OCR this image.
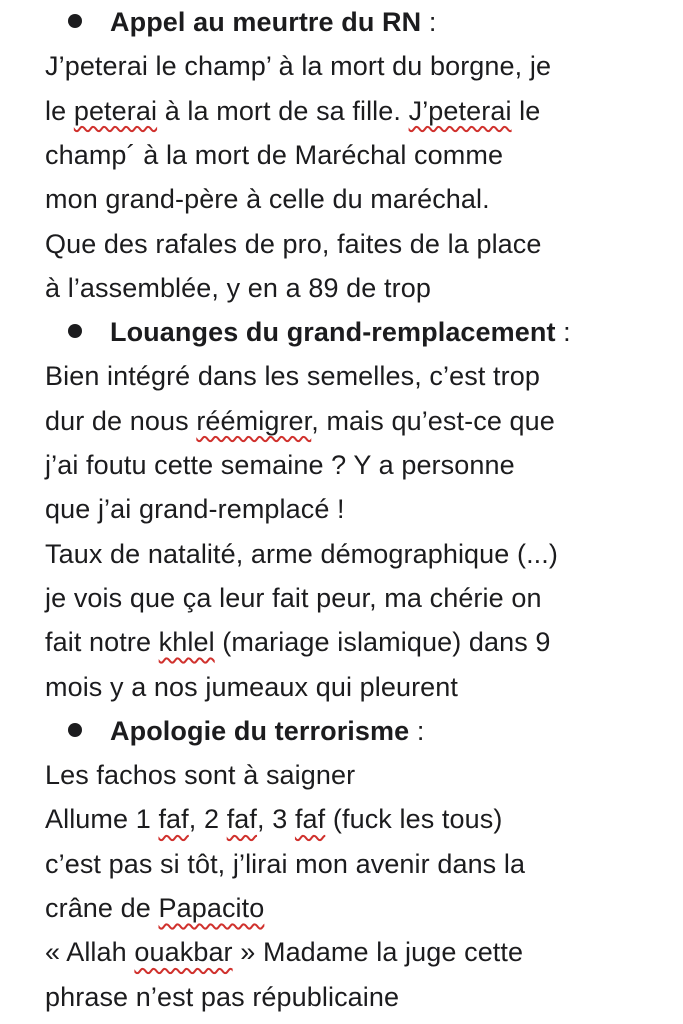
Appel au meurtre du RN :
J’peterai le champ’ à la mort du borgne, je
le peterai à la mort de sa fille. J’peterai le
champ´ à la mort de Maréchal comme
mon grand-père à celle du maréchal.
Que des rafales de pro, faites de la place
à l’assemblée, y en a 89 de trop
Louanges du grand-remplacement :
Bien intégré dans les semelles, c’est trop
dur de nous réémigrer, mais qu’est-ce que
j’ai foutu cette semaine ? Y a personne
que j’ai grand-remplacé !
Taux de natalité, arme démographique (...)
je vois que ça leur fait peur, ma chérie on
fait notre khlel (mariage islamique) dans 9
mois y a nos jumeaux qui pleurent
Apologie du terrorisme :
Les fachos sont à saigner
Allume 1 faf, 2 faf, 3 faf (fuck les tous)
c’est pas si tôt, j’lirai mon avenir dans la
crâne de Papacito
« Allah ouakbar » Madame la juge cette
phrase n’est pas républicaine
